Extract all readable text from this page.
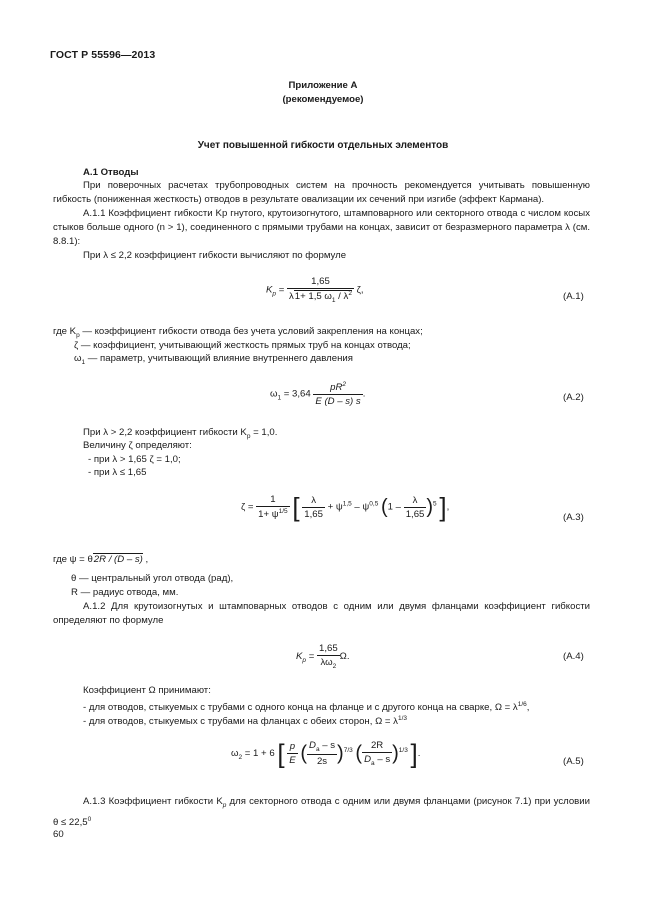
ГОСТ Р 55596—2013
Приложение А
(рекомендуемое)
Учет повышенной гибкости отдельных элементов
А.1 Отводы
При поверочных расчетах трубопроводных систем на прочность рекомендуется учитывать повышенную гибкость (пониженная жесткость) отводов в результате овализации их сечений при изгибе (эффект Кармана).
А.1.1 Коэффициент гибкости Kp гнутого, крутоизогнутого, штамповарного или секторного отвода с числом косых стыков больше одного (n > 1), соединенного с прямыми трубами на концах, зависит от безразмерного параметра λ (см. 8.8.1):
При λ ≤ 2,2 коэффициент гибкости вычисляют по формуле
$K_p = \frac{1,65}{\lambda 1+ 1,5 \omega_1 / \lambda^2} \zeta$,
(А.1)
где $K_p$ — коэффициент гибкости отвода без учета условий закрепления на концах;
ζ — коэффициент, учитывающий жесткость прямых труб на концах отвода;
$\omega_1$ — параметр, учитывающий влияние внутреннего давления
$\omega_1 = 3,64 \frac{pR^2}{E (D - s) s}$ .	(А.2)
При λ > 2,2 коэффициент гибкости $K_p = 1,0$.
Величину ζ определяют:
- при λ > 1,65 ζ = 1,0;
- при λ ≤ 1,65
$\zeta = \frac{1}{1+ \psi^{1/5}}$ [ $\frac{\lambda}{1,65} + \psi^{1,5} - \psi^{0,5}$ $(1 - \frac{\lambda}{1,65} )^5$ ],
(А.3)
где ψ = θ2R / (D – s) ,
θ — центральный угол отвода (рад),
R — радиус отвода, мм.
А.1.2 Для крутоизогнутых и штамповарных отводов с одним или двумя фланцами коэффициент гибкости определяют по формуле
$K_p = \frac{1,65}{\lambda\omega_2} \Omega$.	(А.4)
Коэффициент Ω принимают:
- для отводов, стыкуемых с трубами с одного конца на фланце и с другого конца на сварке, $\Omega = \lambda^{1/6}$,
- для отводов, стыкуемых с трубами на фланцах с обеих сторон, $\Omega = \lambda^{1/3}$
$\omega_2 = 1 + 6$ [ $\frac{p}{E}$ ( $\frac{D_a - s}{2s} )^{7/3}$ ( $\frac{2R}{D_a - s} )^{1/3}$ ].
(А.5)
А.1.3 Коэффициент гибкости $K_p$ для секторного отвода с одним или двумя фланцами (рисунок 7.1) при условии $\theta \le 22,5^0$
60
